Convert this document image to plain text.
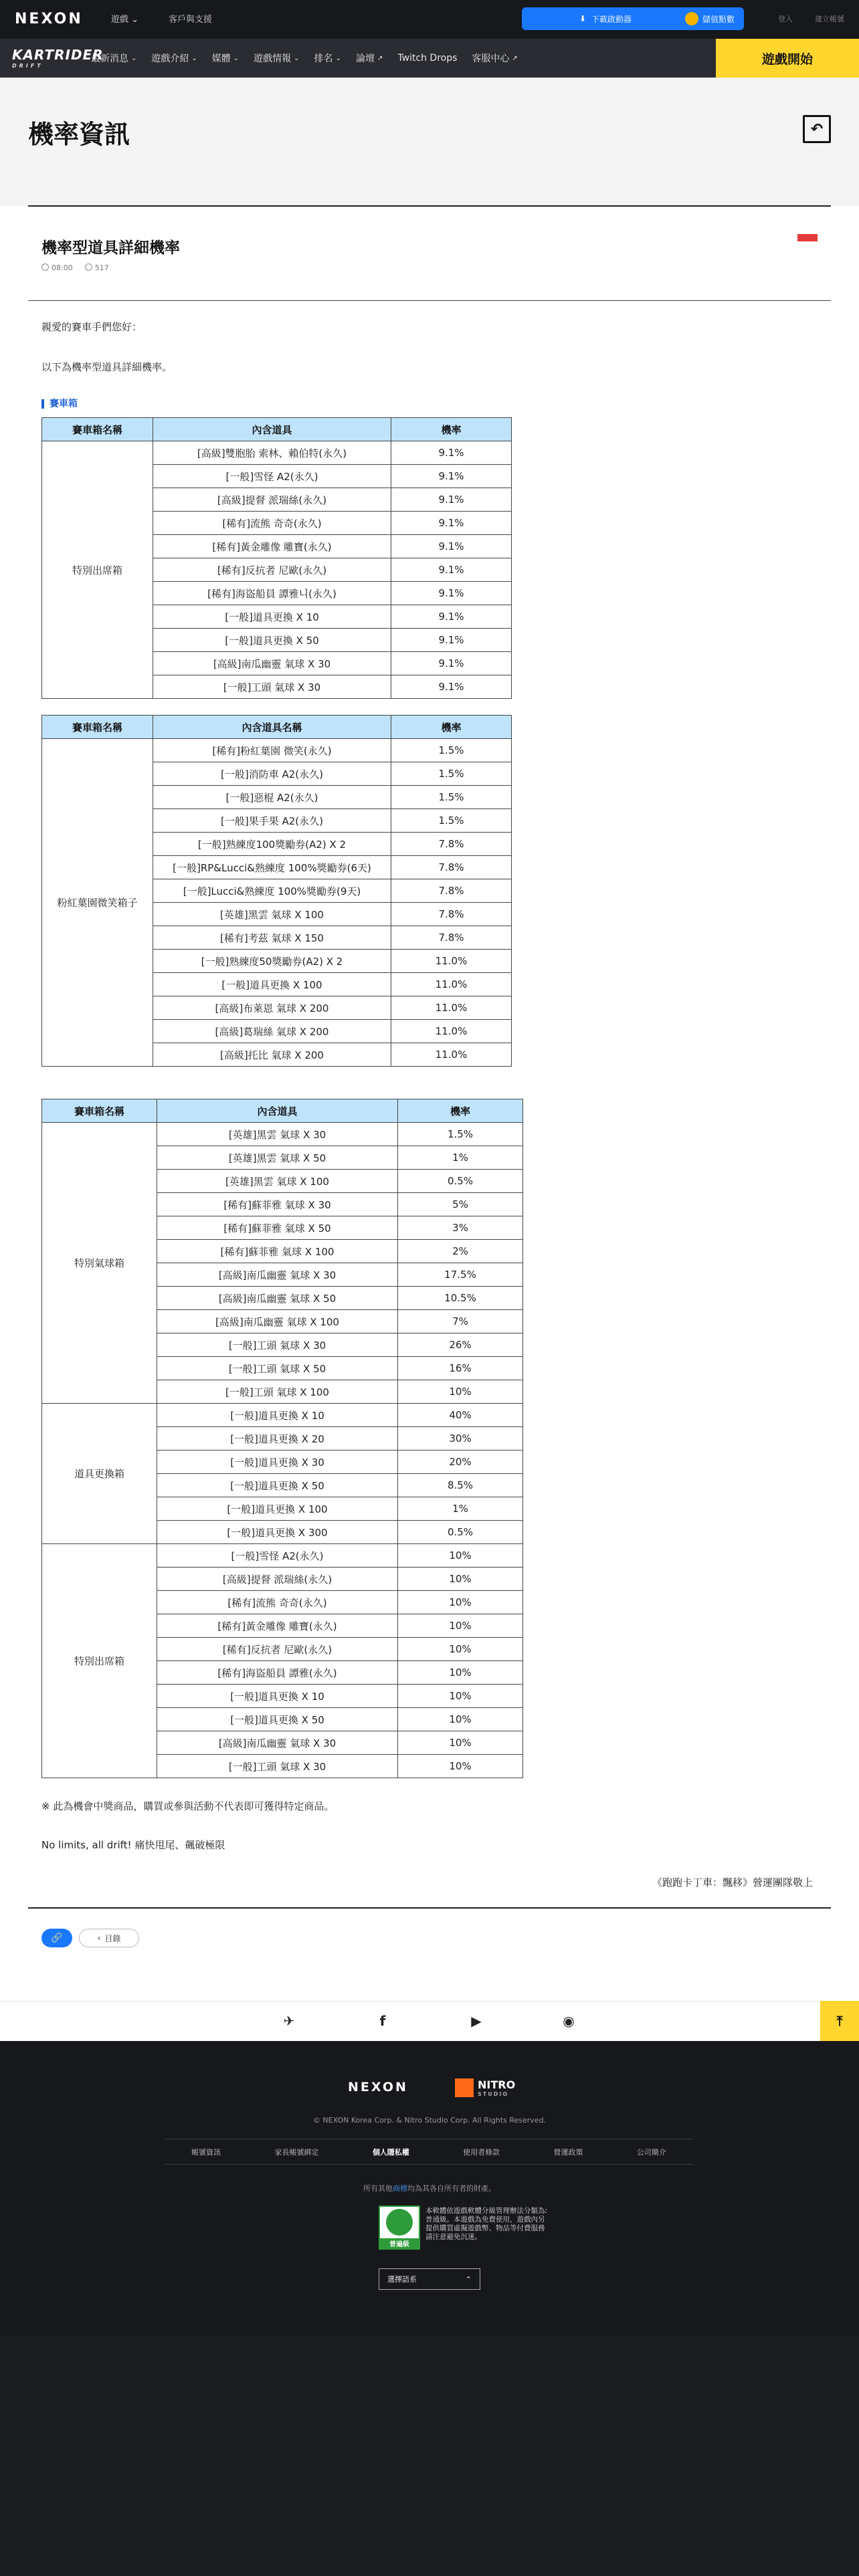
NEXON	遊戲 ⌄	客戶與支援	⬇ 下載啟動器	儲值點數	登入	建立帳號
KARTRIDER
DRIFT
最新消息 ⌄ 遊戲介紹 ⌄ 媒體 ⌄ 遊戲情報 ⌄ 排名 ⌄ 論壇 ↗ Twitch Drops 客服中心 ↗	遊戲開始
機率資訊	↶
機率型道具詳細機率
08:00	517
親愛的賽車手們您好：
以下為機率型道具詳細機率。
賽車箱
賽車箱名稱	內含道具	機率
特別出席箱	[高級]雙胞胎 索林、賴伯特(永久)	9.1%
	[一般]雪怪 A2(永久)	9.1%
	[高級]提督 派瑞絲(永久)	9.1%
	[稀有]流熊 奇奇(永久)	9.1%
	[稀有]黃金雕像 雕寶(永久)	9.1%
	[稀有]反抗者 尼歐(永久)	9.1%
	[稀有]海盜船員 譚雅니(永久)	9.1%
	[一般]道具更換 X 10	9.1%
	[一般]道具更換 X 50	9.1%
	[高級]南瓜幽靈 氣球 X 30	9.1%
	[一般]工頭 氣球 X 30	9.1%
賽車箱名稱	內含道具名稱	機率
粉紅葉園微笑箱子	[稀有]粉紅葉園 微笑(永久)	1.5%
	[一般]消防車 A2(永久)	1.5%
	[一般]惡棍 A2(永久)	1.5%
	[一般]果手果 A2(永久)	1.5%
	[一般]熟練度100獎勵券(A2) X 2	7.8%
	[一般]RP&Lucci&熟練度 100%獎勵券(6天)	7.8%
	[一般]Lucci&熟練度 100%獎勵券(9天)	7.8%
	[英雄]黑雲 氣球 X 100	7.8%
	[稀有]考茲 氣球 X 150	7.8%
	[一般]熟練度50獎勵券(A2) X 2	11.0%
	[一般]道具更換 X 100	11.0%
	[高級]布萊恩 氣球 X 200	11.0%
	[高級]葛瑞絲 氣球 X 200	11.0%
	[高級]托比 氣球 X 200	11.0%
賽車箱名稱	內含道具	機率
特別氣球箱	[英雄]黑雲 氣球 X 30	1.5%
	[英雄]黑雲 氣球 X 50	1%
	[英雄]黑雲 氣球 X 100	0.5%
	[稀有]蘇菲雅 氣球 X 30	5%
	[稀有]蘇菲雅 氣球 X 50	3%
	[稀有]蘇菲雅 氣球 X 100	2%
	[高級]南瓜幽靈 氣球 X 30	17.5%
	[高級]南瓜幽靈 氣球 X 50	10.5%
	[高級]南瓜幽靈 氣球 X 100	7%
	[一般]工頭 氣球 X 30	26%
	[一般]工頭 氣球 X 50	16%
	[一般]工頭 氣球 X 100	10%
道具更換箱	[一般]道具更換 X 10	40%
	[一般]道具更換 X 20	30%
	[一般]道具更換 X 30	20%
	[一般]道具更換 X 50	8.5%
	[一般]道具更換 X 100	1%
	[一般]道具更換 X 300	0.5%
特別出席箱	[一般]雪怪 A2(永久)	10%
	[高級]提督 派瑞絲(永久)	10%
	[稀有]流熊 奇奇(永久)	10%
	[稀有]黃金雕像 雕寶(永久)	10%
	[稀有]反抗者 尼歐(永久)	10%
	[稀有]海盜船員 譚雅(永久)	10%
	[一般]道具更換 X 10	10%
	[一般]道具更換 X 50	10%
	[高級]南瓜幽靈 氣球 X 30	10%
	[一般]工頭 氣球 X 30	10%
※ 此為機會中獎商品，購買或參與活動不代表即可獲得特定商品。
No limits, all drift! 痛快甩尾、飆破極限
《跑跑卡丁車：飄移》營運團隊敬上
🔗	‹ 目錄
✈	f	▶	◉	⤒
NEXON	NITRO
STUDIO
© NEXON Korea Corp. & Nitro Studio Corp. All Rights Reserved.
帳號資訊	家長帳號綁定	個人隱私權	使用者條款	營運政策	公司簡介
所有其他商標均為其各自所有者的財產。
普遍級
本軟體依遊戲軟體分級管理辦法分類為:普通級。本遊戲為免費使用，遊戲內另提供購買虛擬遊戲幣、物品等付費服務 請注意避免沉迷。
選擇語系	⌃
